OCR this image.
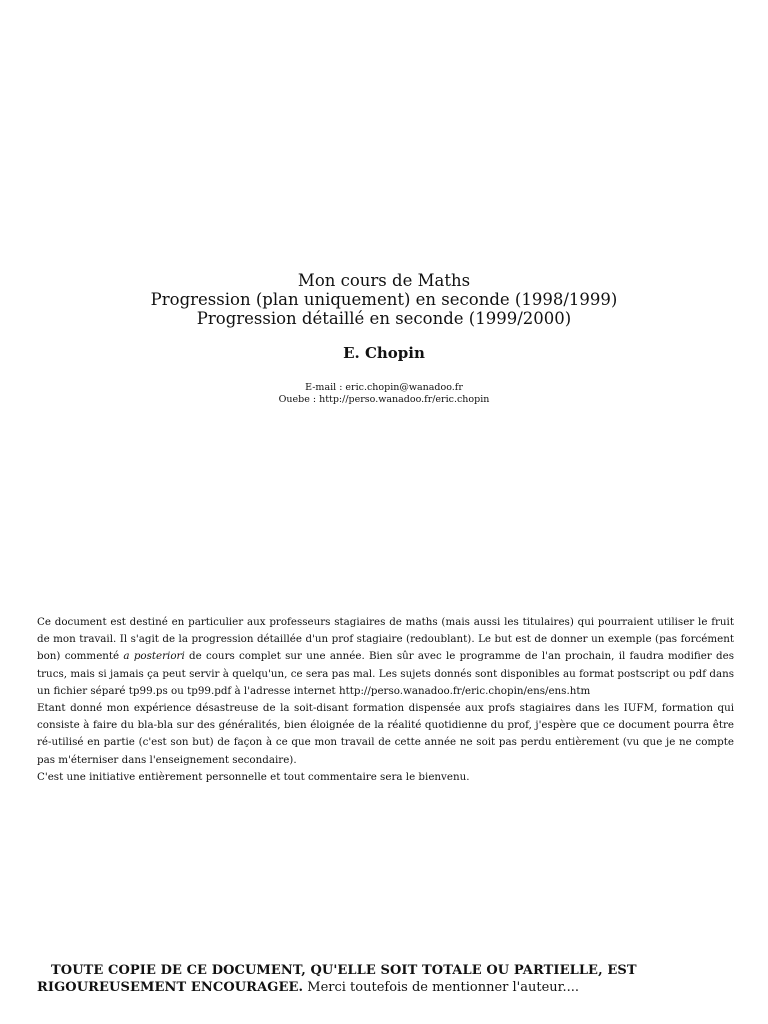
Mon cours de Maths
Progression (plan uniquement) en seconde (1998/1999)
Progression détaillé en seconde (1999/2000)
E. Chopin
E-mail : eric.chopin@wanadoo.fr
Ouebe : http://perso.wanadoo.fr/eric.chopin

Ce document est destiné en particulier aux professeurs stagiaires de maths (mais aussi les titulaires) qui pourraient utiliser le fruit de mon travail. Il s'agit de la progression détaillée d'un prof stagiaire (redoublant). Le but est de donner un exemple (pas forcément bon) commenté a posteriori de cours complet sur une année. Bien sûr avec le programme de l'an prochain, il faudra modifier des trucs, mais si jamais ça peut servir à quelqu'un, ce sera pas mal. Les sujets donnés sont disponibles au format postscript ou pdf dans un fichier séparé tp99.ps ou tp99.pdf à l'adresse internet http://perso.wanadoo.fr/eric.chopin/ens/ens.htm

Etant donné mon expérience désastreuse de la soit-disant formation dispensée aux profs stagiaires dans les IUFM, formation qui consiste à faire du bla-bla sur des généralités, bien éloignée de la réalité quotidienne du prof, j'espère que ce document pourra être ré-utilisé en partie (c'est son but) de façon à ce que mon travail de cette année ne soit pas perdu entièrement (vu que je ne compte pas m'éterniser dans l'enseignement secondaire).

C'est une initiative entièrement personnelle et tout commentaire sera le bienvenu.

TOUTE COPIE DE CE DOCUMENT, QU'ELLE SOIT TOTALE OU PARTIELLE, EST RIGOUREUSEMENT ENCOURAGEE. Merci toutefois de mentionner l'auteur....
